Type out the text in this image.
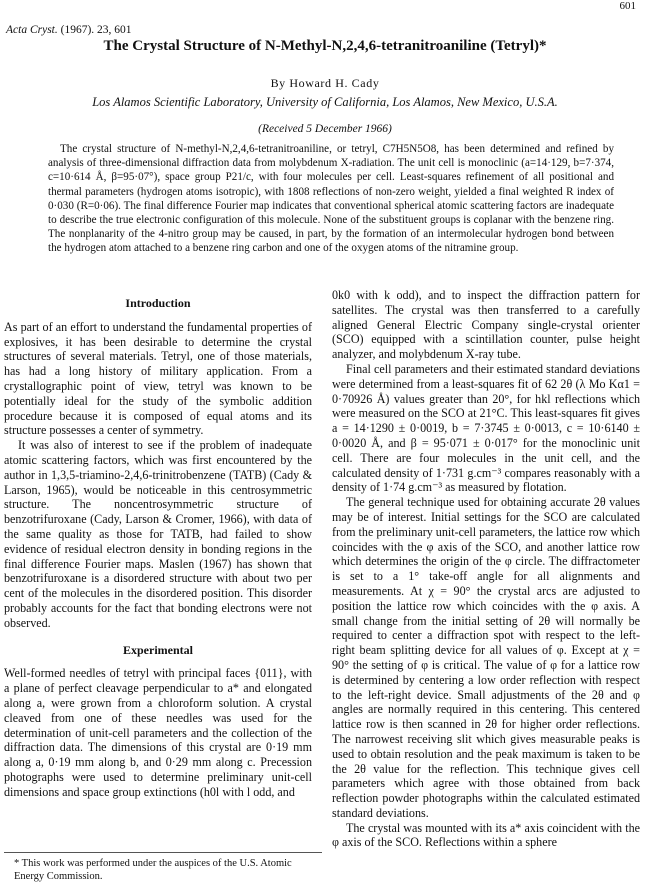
601
Acta Cryst. (1967). 23, 601
The Crystal Structure of N-Methyl-N,2,4,6-tetranitroaniline (Tetryl)*
By Howard H. Cady
Los Alamos Scientific Laboratory, University of California, Los Alamos, New Mexico, U.S.A.
(Received 5 December 1966)

The crystal structure of N-methyl-N,2,4,6-tetranitroaniline, or tetryl, C7H5N5O8, has been determined and refined by analysis of three-dimensional diffraction data from molybdenum X-radiation. The unit cell is monoclinic (a=14·129, b=7·374, c=10·614 Å, β=95·07°), space group P21/c, with four molecules per cell. Least-squares refinement of all positional and thermal parameters (hydrogen atoms isotropic), with 1808 reflections of non-zero weight, yielded a final weighted R index of 0·030 (R=0·06). The final difference Fourier map indicates that conventional spherical atomic scattering factors are inadequate to describe the true electronic configuration of this molecule. None of the substituent groups is coplanar with the benzene ring. The nonplanarity of the 4-nitro group may be caused, in part, by the formation of an intermolecular hydrogen bond between the hydrogen atom attached to a benzene ring carbon and one of the oxygen atoms of the nitramine group.

Introduction

As part of an effort to understand the fundamental properties of explosives, it has been desirable to determine the crystal structures of several materials. Tetryl, one of those materials, has had a long history of military application. From a crystallographic point of view, tetryl was known to be potentially ideal for the study of the symbolic addition procedure because it is composed of equal atoms and its structure possesses a center of symmetry.

It was also of interest to see if the problem of inadequate atomic scattering factors, which was first encountered by the author in 1,3,5-triamino-2,4,6-trinitrobenzene (TATB) (Cady & Larson, 1965), would be noticeable in this centrosymmetric structure. The noncentrosymmetric structure of benzotrifuroxane (Cady, Larson & Cromer, 1966), with data of the same quality as those for TATB, had failed to show evidence of residual electron density in bonding regions in the final difference Fourier maps. Maslen (1967) has shown that benzotrifuroxane is a disordered structure with about two per cent of the molecules in the disordered position. This disorder probably accounts for the fact that bonding electrons were not observed.

Experimental

Well-formed needles of tetryl with principal faces {011}, with a plane of perfect cleavage perpendicular to a* and elongated along a, were grown from a chloroform solution. A crystal cleaved from one of these needles was used for the determination of unit-cell parameters and the collection of the diffraction data. The dimensions of this crystal are 0·19 mm along a, 0·19 mm along b, and 0·29 mm along c. Precession photographs were used to determine preliminary unit-cell dimensions and space group extinctions (h0l with l odd, and

0k0 with k odd), and to inspect the diffraction pattern for satellites. The crystal was then transferred to a carefully aligned General Electric Company single-crystal orienter (SCO) equipped with a scintillation counter, pulse height analyzer, and molybdenum X-ray tube.

Final cell parameters and their estimated standard deviations were determined from a least-squares fit of 62 2θ (λ Mo Kα1 = 0·70926 Å) values greater than 20°, for hkl reflections which were measured on the SCO at 21°C. This least-squares fit gives a = 14·1290 ± 0·0019, b = 7·3745 ± 0·0013, c = 10·6140 ± 0·0020 Å, and β = 95·071 ± 0·017° for the monoclinic unit cell. There are four molecules in the unit cell, and the calculated density of 1·731 g.cm⁻³ compares reasonably with a density of 1·74 g.cm⁻³ as measured by flotation.

The general technique used for obtaining accurate 2θ values may be of interest. Initial settings for the SCO are calculated from the preliminary unit-cell parameters, the lattice row which coincides with the φ axis of the SCO, and another lattice row which determines the origin of the φ circle. The diffractometer is set to a 1° take-off angle for all alignments and measurements. At χ = 90° the crystal arcs are adjusted to position the lattice row which coincides with the φ axis. A small change from the initial setting of 2θ will normally be required to center a diffraction spot with respect to the left-right beam splitting device for all values of φ. Except at χ = 90° the setting of φ is critical. The value of φ for a lattice row is determined by centering a low order reflection with respect to the left-right device. Small adjustments of the 2θ and φ angles are normally required in this centering. This centered lattice row is then scanned in 2θ for higher order reflections. The narrowest receiving slit which gives measurable peaks is used to obtain resolution and the peak maximum is taken to be the 2θ value for the reflection. This technique gives cell parameters which agree with those obtained from back reflection powder photographs within the calculated estimated standard deviations.

The crystal was mounted with its a* axis coincident with the φ axis of the SCO. Reflections within a sphere

* This work was performed under the auspices of the U.S. Atomic Energy Commission.
